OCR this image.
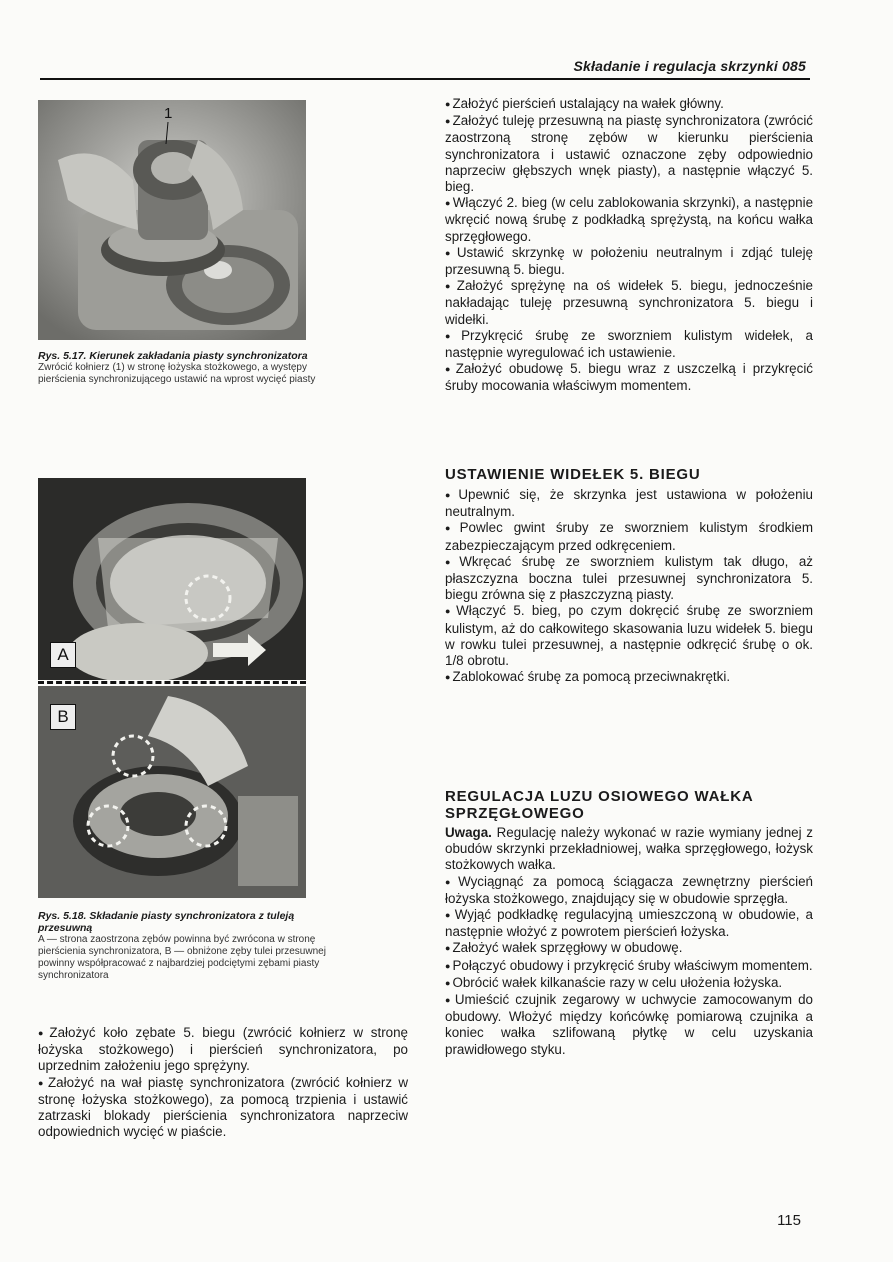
Składanie i regulacja skrzynki 085
1

Rys. 5.17. Kierunek zakładania piasty synchronizatora

Zwrócić kołnierz (1) w stronę łożyska stożkowego, a występy pierścienia synchronizującego ustawić na wprost wycięć piasty

A
B

Rys. 5.18. Składanie piasty synchronizatora z tuleją przesuwną

A — strona zaostrzona zębów powinna być zwrócona w stronę pierścienia synchronizatora, B — obniżone zęby tulei przesuwnej powinny współpracować z najbardziej podciętymi zębami piasty synchronizatora

● Założyć koło zębate 5. biegu (zwrócić kołnierz w stronę łożyska stożkowego) i pierścień synchronizatora, po uprzednim założeniu jego sprężyny.

● Założyć na wał piastę synchronizatora (zwrócić kołnierz w stronę łożyska stożkowego), za pomocą trzpienia i ustawić zatrzaski blokady pierścienia synchronizatora naprzeciw odpowiednich wycięć w piaście.

● Założyć pierścień ustalający na wałek główny.

● Założyć tuleję przesuwną na piastę synchronizatora (zwrócić zaostrzoną stronę zębów w kierunku pierścienia synchronizatora i ustawić oznaczone zęby odpowiednio naprzeciw głębszych wnęk piasty), a następnie włączyć 5. bieg.

● Włączyć 2. bieg (w celu zablokowania skrzynki), a następnie wkręcić nową śrubę z podkładką sprężystą, na końcu wałka sprzęgłowego.

● Ustawić skrzynkę w położeniu neutralnym i zdjąć tuleję przesuwną 5. biegu.

● Założyć sprężynę na oś widełek 5. biegu, jednocześnie nakładając tuleję przesuwną synchronizatora 5. biegu i widełki.

● Przykręcić śrubę ze sworzniem kulistym widełek, a następnie wyregulować ich ustawienie.

● Założyć obudowę 5. biegu wraz z uszczelką i przykręcić śruby mocowania właściwym momentem.

USTAWIENIE WIDEŁEK 5. BIEGU

● Upewnić się, że skrzynka jest ustawiona w położeniu neutralnym.

● Powlec gwint śruby ze sworzniem kulistym środkiem zabezpieczającym przed odkręceniem.

● Wkręcać śrubę ze sworzniem kulistym tak długo, aż płaszczyzna boczna tulei przesuwnej synchronizatora 5. biegu zrówna się z płaszczyzną piasty.

● Włączyć 5. bieg, po czym dokręcić śrubę ze sworzniem kulistym, aż do całkowitego skasowania luzu widełek 5. biegu w rowku tulei przesuwnej, a następnie odkręcić śrubę o ok. 1/8 obrotu.

● Zablokować śrubę za pomocą przeciwnakrętki.

REGULACJA LUZU OSIOWEGO WAŁKA SPRZĘGŁOWEGO

Uwaga. Regulację należy wykonać w razie wymiany jednej z obudów skrzynki przekładniowej, wałka sprzęgłowego, łożysk stożkowych wałka.

● Wyciągnąć za pomocą ściągacza zewnętrzny pierścień łożyska stożkowego, znajdujący się w obudowie sprzęgła.

● Wyjąć podkładkę regulacyjną umieszczoną w obudowie, a następnie włożyć z powrotem pierścień łożyska.

● Założyć wałek sprzęgłowy w obudowę.

● Połączyć obudowy i przykręcić śruby właściwym momentem.

● Obrócić wałek kilkanaście razy w celu ułożenia łożyska.

● Umieścić czujnik zegarowy w uchwycie zamocowanym do obudowy. Włożyć między końcówkę pomiarową czujnika a koniec wałka szlifowaną płytkę w celu uzyskania prawidłowego styku.

115
